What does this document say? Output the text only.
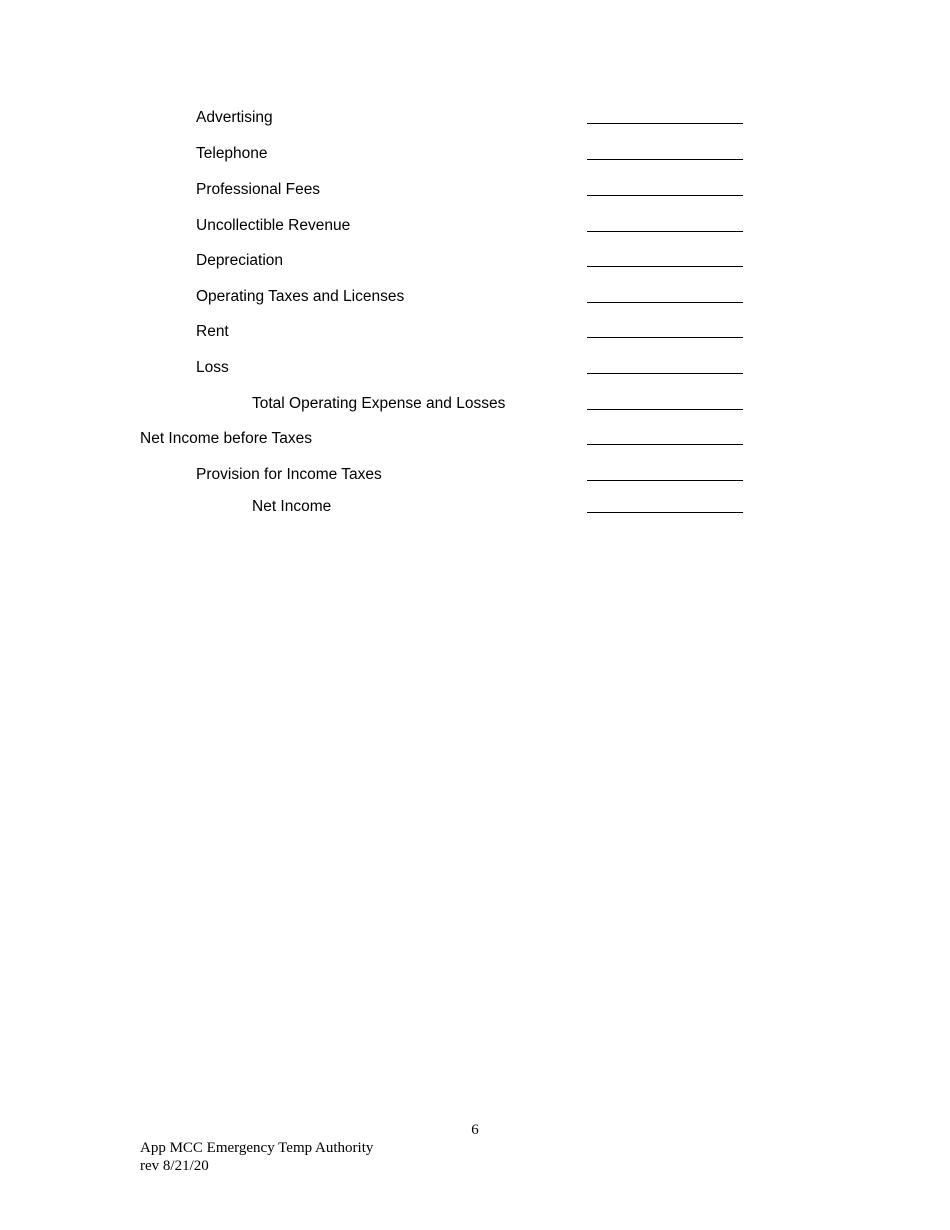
Advertising
Telephone
Professional Fees
Uncollectible Revenue
Depreciation
Operating Taxes and Licenses
Rent
Loss
Total Operating Expense and Losses
Net Income before Taxes
Provision for Income Taxes
Net Income
6
App MCC Emergency Temp Authority
rev 8/21/20
